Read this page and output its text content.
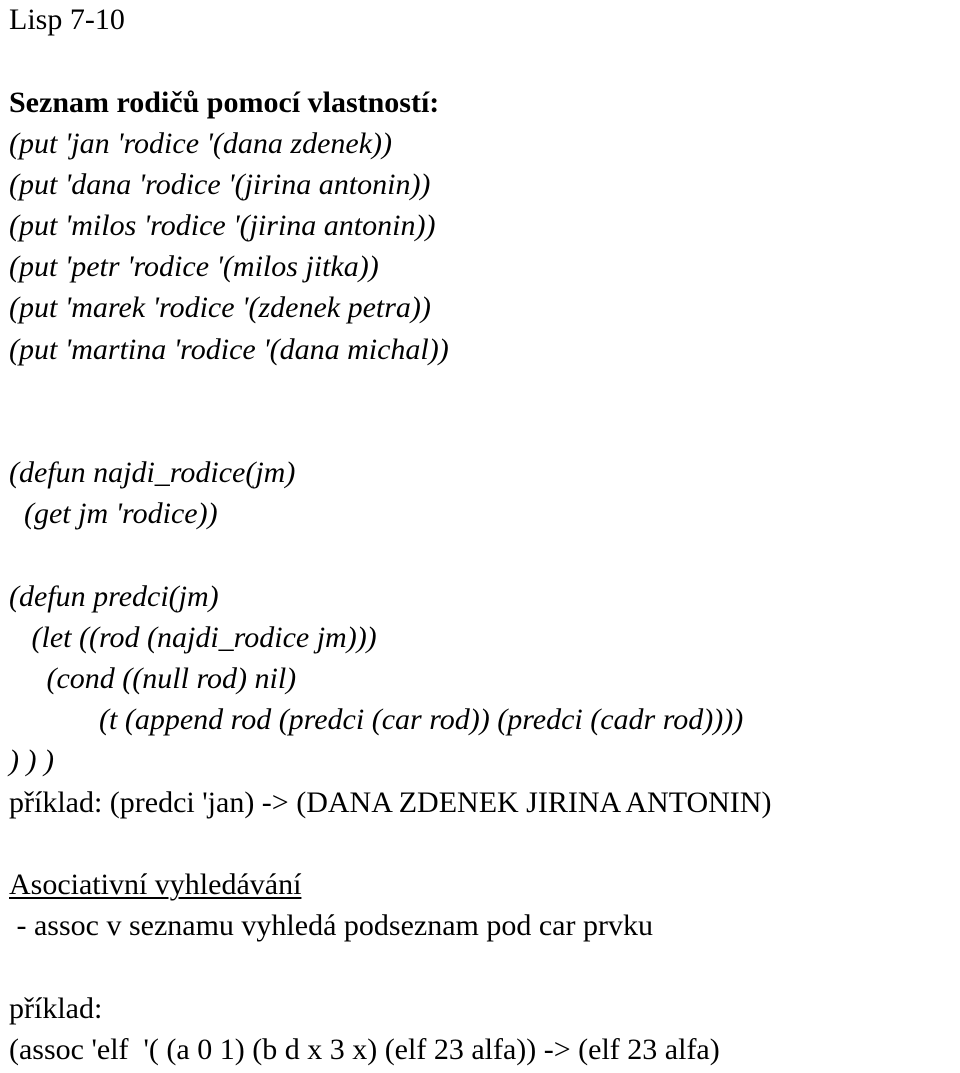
Lisp 7-10
Seznam rodičů pomocí vlastností:
(put 'jan 'rodice '(dana zdenek))
(put 'dana 'rodice '(jirina antonin))
(put 'milos 'rodice '(jirina antonin))
(put 'petr 'rodice '(milos jitka))
(put 'marek 'rodice '(zdenek petra))
(put 'martina 'rodice '(dana michal))
(defun najdi_rodice(jm)
(get jm 'rodice))
(defun predci(jm)
(let ((rod (najdi_rodice jm)))
(cond ((null rod) nil)
(t (append rod (predci (car rod)) (predci (cadr rod))))
) ) )
příklad: (predci 'jan) -> (DANA ZDENEK JIRINA ANTONIN)
Asociativní vyhledávání
- assoc v seznamu vyhledá podseznam pod car prvku
příklad:
(assoc 'elf  '( (a 0 1) (b d x 3 x) (elf 23 alfa)) -> (elf 23 alfa)
